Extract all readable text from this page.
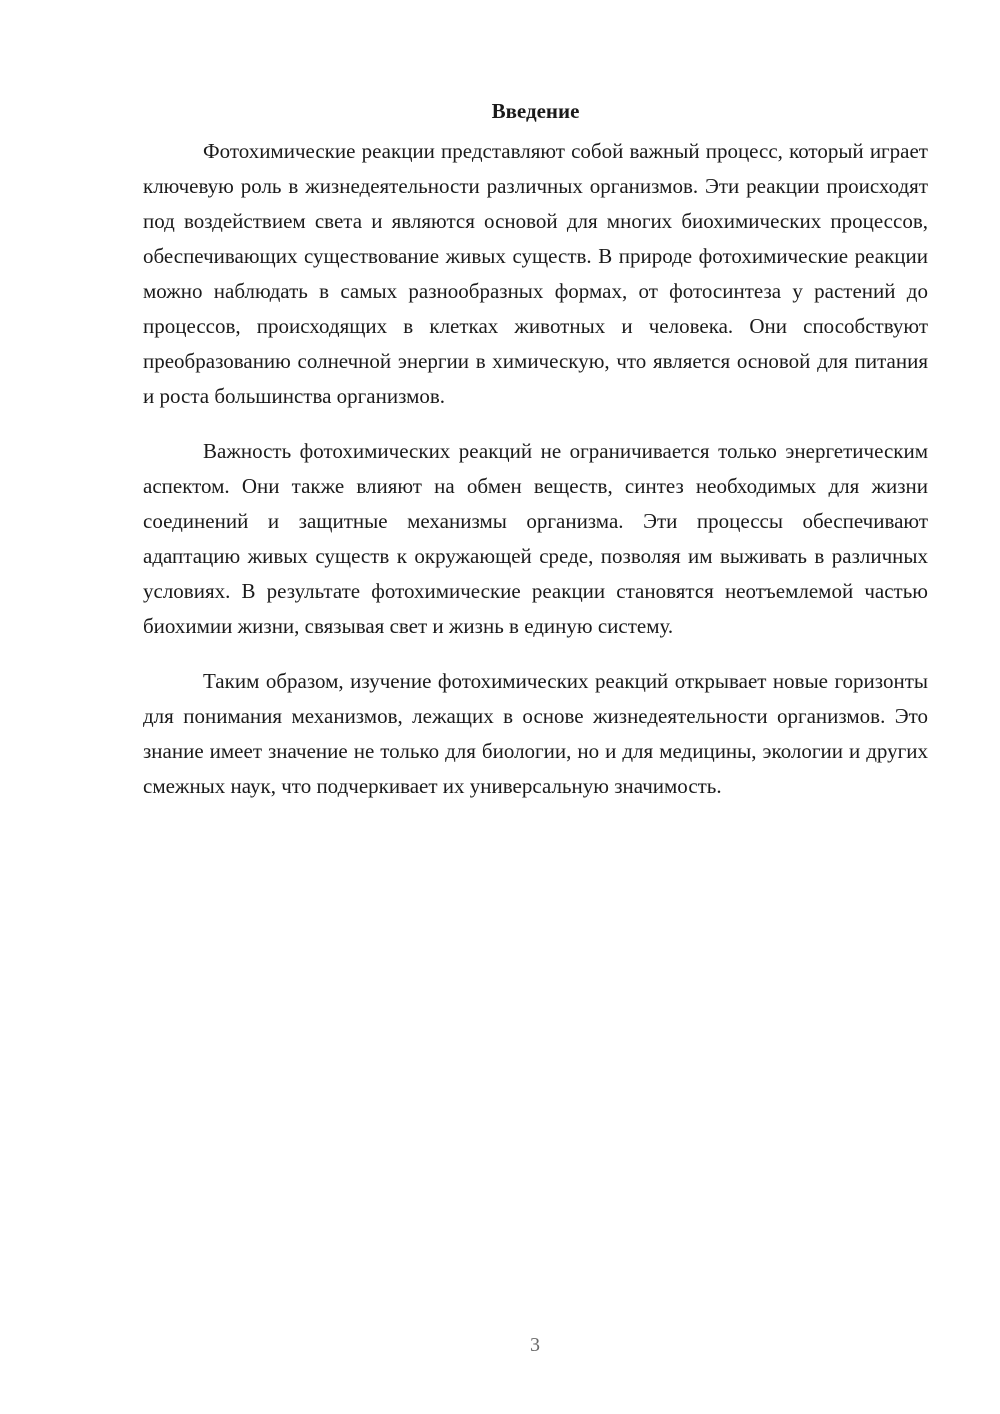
Введение

Фотохимические реакции представляют собой важный процесс, который играет ключевую роль в жизнедеятельности различных организмов. Эти реакции происходят под воздействием света и являются основой для многих биохимических процессов, обеспечивающих существование живых существ. В природе фотохимические реакции можно наблюдать в самых разнообразных формах, от фотосинтеза у растений до процессов, происходящих в клетках животных и человека. Они способствуют преобразованию солнечной энергии в химическую, что является основой для питания и роста большинства организмов.

Важность фотохимических реакций не ограничивается только энергетическим аспектом. Они также влияют на обмен веществ, синтез необходимых для жизни соединений и защитные механизмы организма. Эти процессы обеспечивают адаптацию живых существ к окружающей среде, позволяя им выживать в различных условиях. В результате фотохимические реакции становятся неотъемлемой частью биохимии жизни, связывая свет и жизнь в единую систему.

Таким образом, изучение фотохимических реакций открывает новые горизонты для понимания механизмов, лежащих в основе жизнедеятельности организмов. Это знание имеет значение не только для биологии, но и для медицины, экологии и других смежных наук, что подчеркивает их универсальную значимость.

3
